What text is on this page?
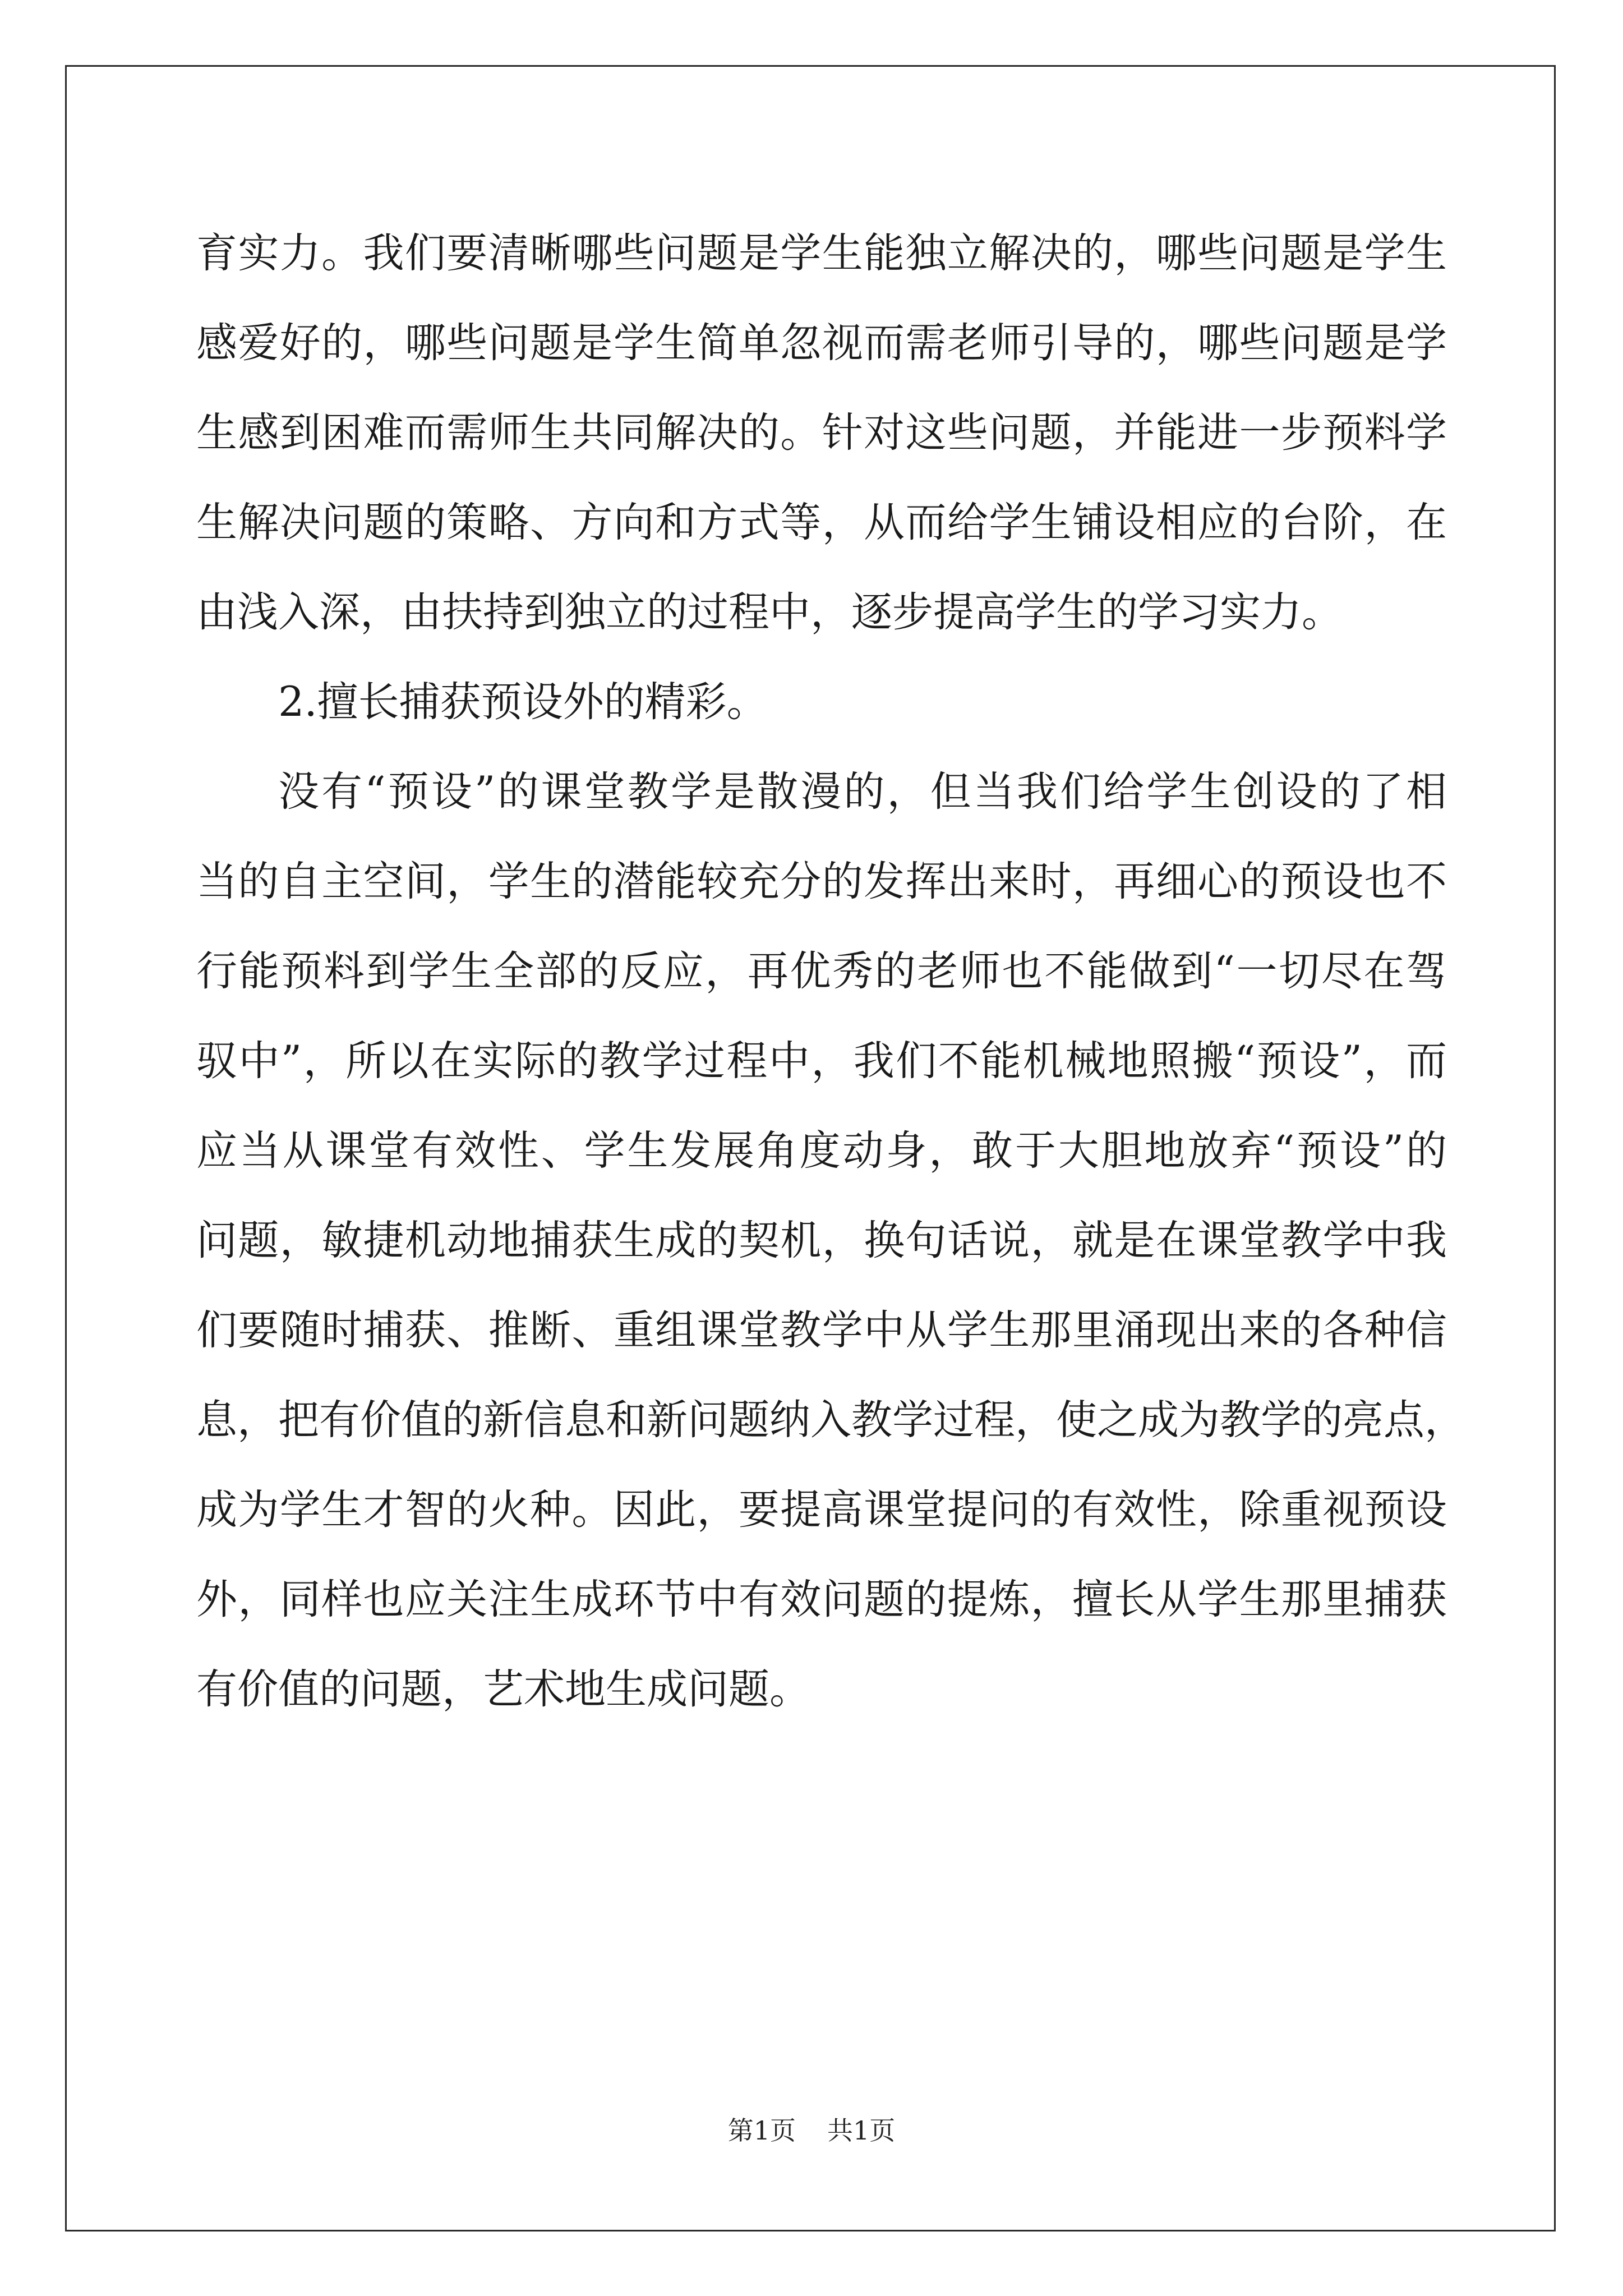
育实力。我们要清晰哪些问题是学生能独立解决的，哪些问题是学生
感爱好的，哪些问题是学生简单忽视而需老师引导的，哪些问题是学
生感到困难而需师生共同解决的。针对这些问题，并能进一步预料学
生解决问题的策略、方向和方式等，从而给学生铺设相应的台阶，在
由浅入深，由扶持到独立的过程中，逐步提高学生的学习实力。
2.擅长捕获预设外的精彩。
没有“预设”的课堂教学是散漫的，但当我们给学生创设的了相
当的自主空间，学生的潜能较充分的发挥出来时，再细心的预设也不
行能预料到学生全部的反应，再优秀的老师也不能做到“一切尽在驾
驭中”，所以在实际的教学过程中，我们不能机械地照搬“预设”，而
应当从课堂有效性、学生发展角度动身，敢于大胆地放弃“预设”的
问题，敏捷机动地捕获生成的契机，换句话说，就是在课堂教学中我
们要随时捕获、推断、重组课堂教学中从学生那里涌现出来的各种信
息，把有价值的新信息和新问题纳入教学过程，使之成为教学的亮点，
成为学生才智的火种。因此，要提高课堂提问的有效性，除重视预设
外，同样也应关注生成环节中有效问题的提炼，擅长从学生那里捕获
有价值的问题，艺术地生成问题。
第1页 共1页
